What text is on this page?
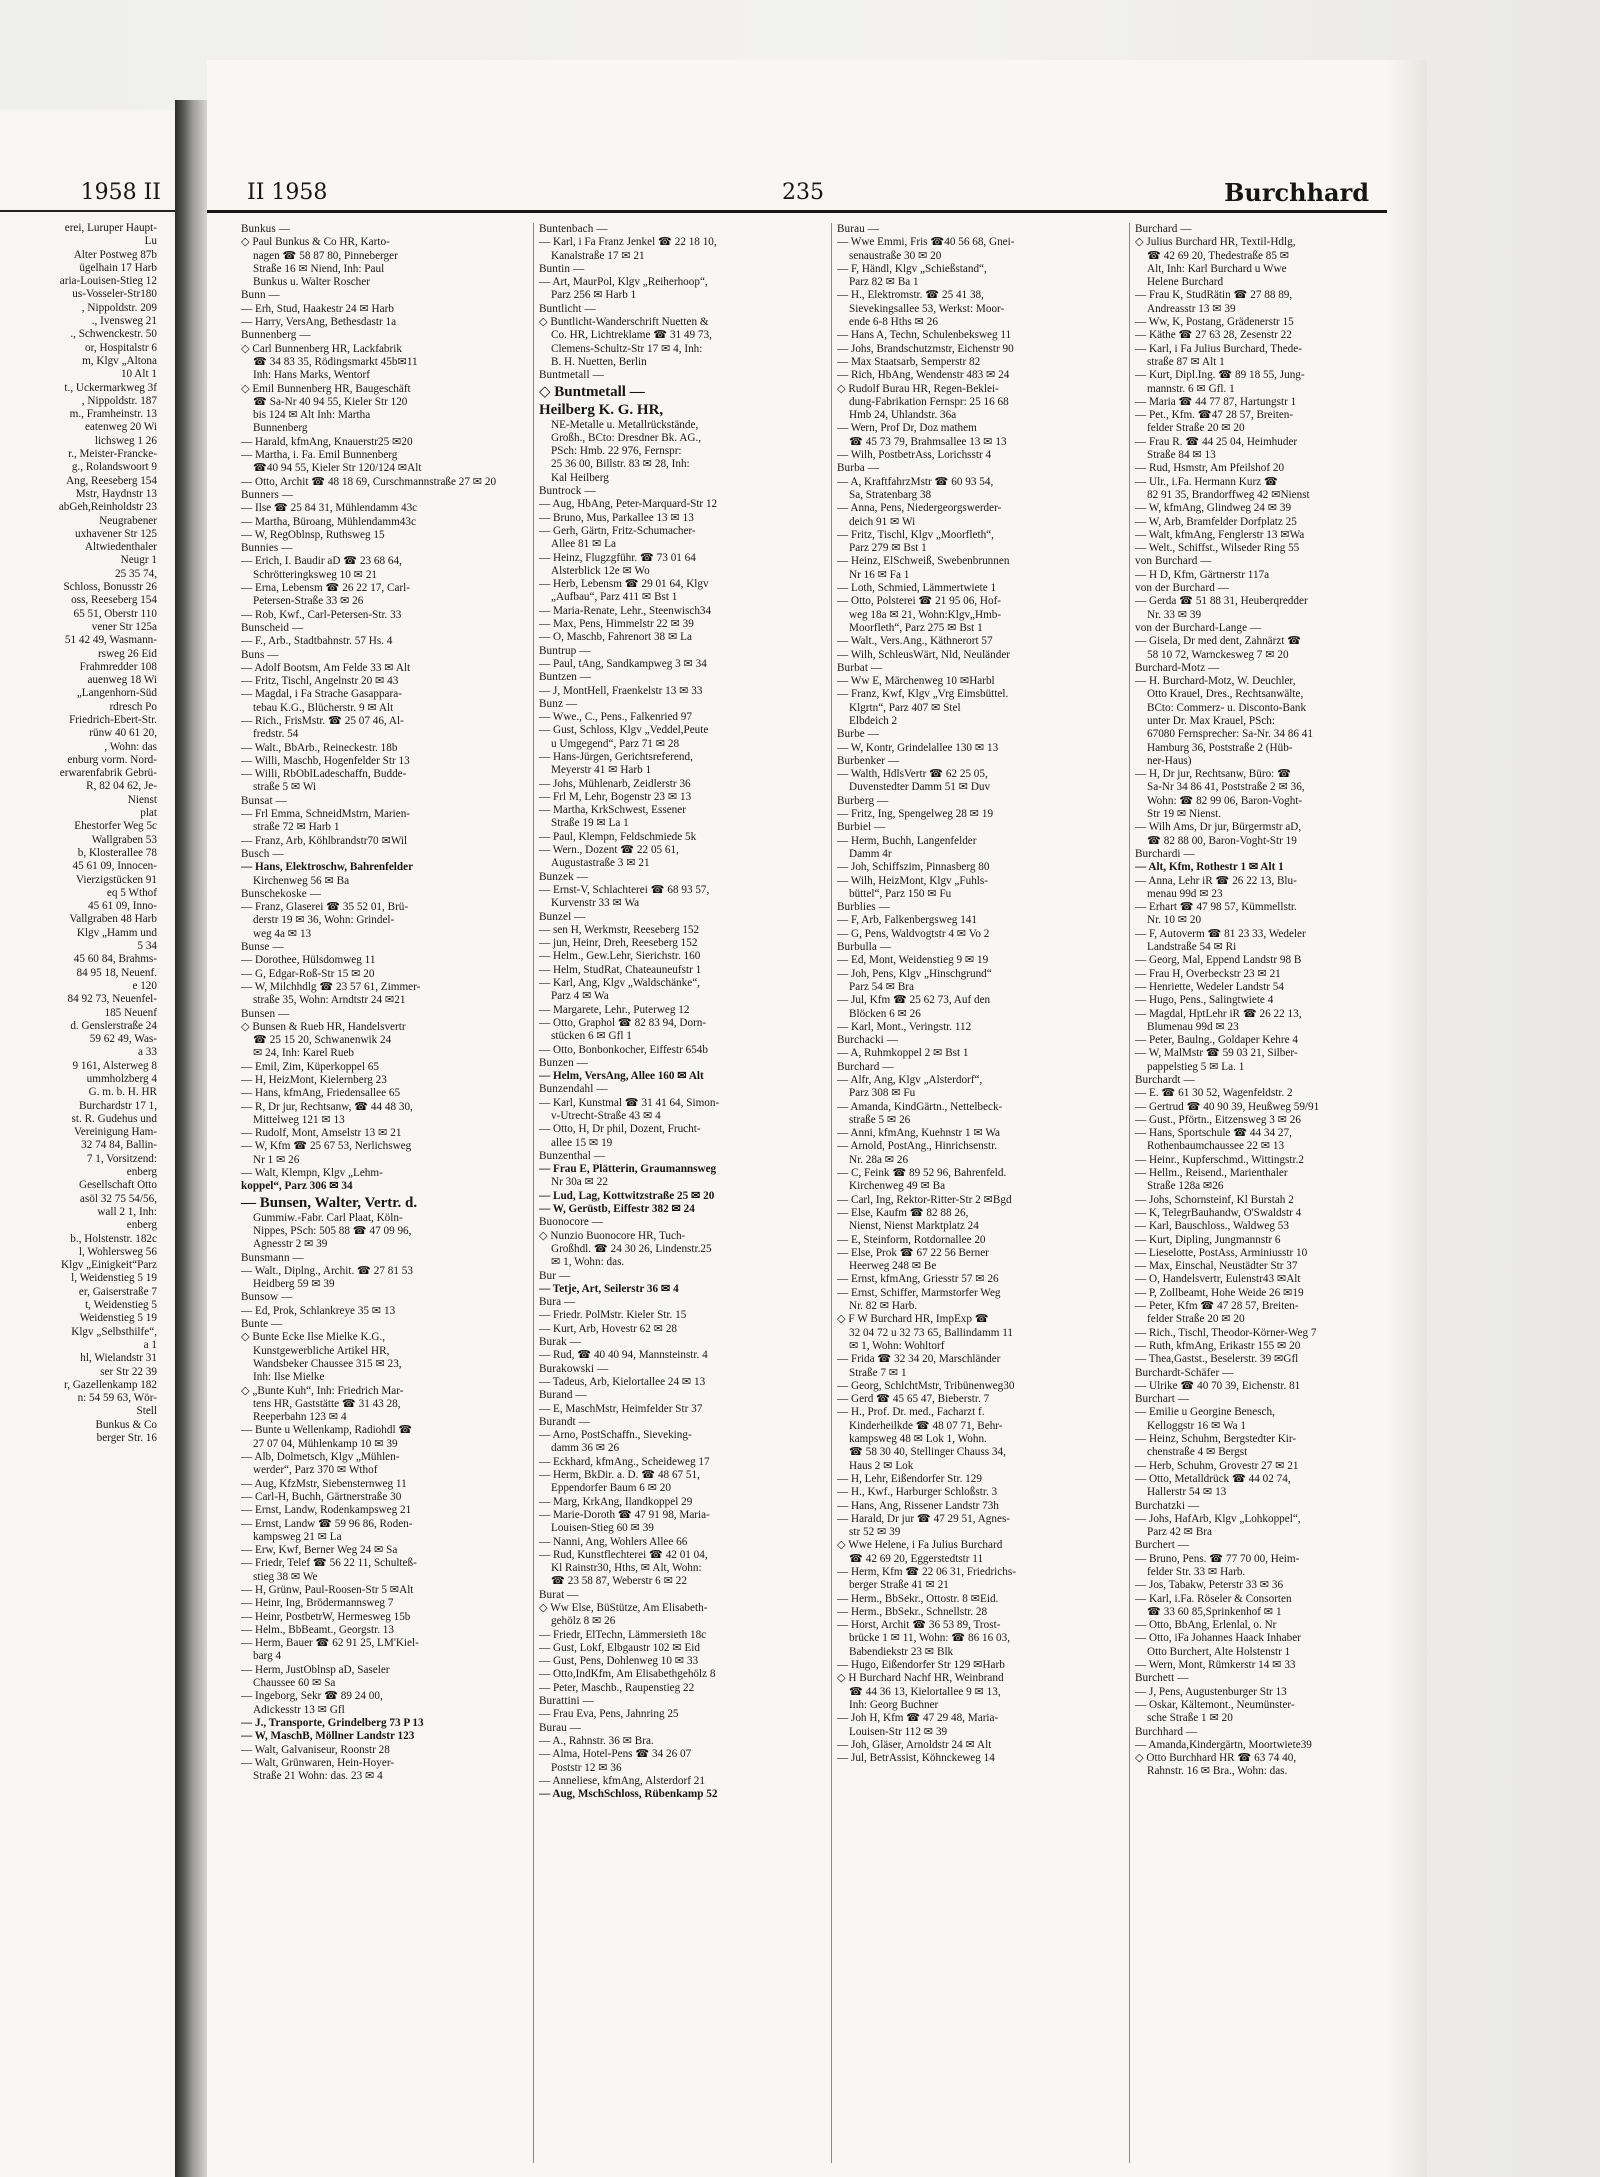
1958 II
erei, Luruper Haupt-
Lu
Alter Postweg 87b
ügelhain 17 Harb
aria-Louisen-Stieg 12
us-Vosseler-Str180
, Nippoldstr. 209
., Ivensweg 21
., Schwenckestr. 50
or, Hospitalstr 6
m, Klgv „Altona
10 Alt 1
t., Uckermarkweg 3f
, Nippoldstr. 187
m., Framheinstr. 13
eatenweg 20 Wi
lichsweg 1 26
r., Meister-Francke-
g., Rolandswoort 9
Ang, Reeseberg 154
Mstr, Haydnstr 13
abGeh,Reinholdstr 23
Neugrabener
uxhavener Str 125
Altwiedenthaler
Neugr 1
25 35 74,
Schloss, Bonusstr 26
oss, Reeseberg 154
65 51, Oberstr 110
vener Str 125a
51 42 49, Wasmann-
rsweg 26 Eid
Frahmredder 108
auenweg 18 Wi
„Langenhorn-Süd
rdresch Po
Friedrich-Ebert-Str.
rünw 40 61 20,
, Wohn: das
enburg vorm. Nord-
erwarenfabrik Gebrü-
R, 82 04 62, Je-
Nienst
plat
Ehestorfer Weg 5c
Wallgraben 53
b, Klosterallee 78
45 61 09, Innocen-
Vierzigstücken 91
eq 5 Wthof
45 61 09, Inno-
Vallgraben 48 Harb
Klgv „Hamm und
5 34
45 60 84, Brahms-
84 95 18, Neuenf.
e 120
84 92 73, Neuenfel-
185 Neuenf
d. Genslerstraße 24
59 62 49, Was-
a 33
9 161, Alsterweg 8
ummholzberg 4
G. m. b. H. HR
Burchardstr 17 1,
st. R. Gudehus und
Vereinigung Ham-
32 74 84, Ballin-
7 1, Vorsitzend:
enberg
Gesellschaft Otto
asöl 32 75 54/56,
wall 2 1, Inh:
enberg
b., Holstenstr. 182c
l, Wohlersweg 56
Klgv „Einigkeit“Parz
l, Weidenstieg 5 19
er, Gaiserstraße 7
t, Weidenstieg 5
Weidenstieg 5 19
Klgv „Selbsthilfe“,
a 1
hl, Wielandstr 31
ser Str 22 39
r, Gazellenkamp 182
n: 54 59 63, Wör-
Stell
Bunkus & Co
berger Str. 16
II 1958	235	Burchhard
Bunkus —
◇ Paul Bunkus & Co HR, Karto-
nagen ☎ 58 87 80, Pinneberger
Straße 16 ✉ Niend, Inh: Paul
Bunkus u. Walter Roscher
Bunn —
— Erh, Stud, Haakestr 24 ✉ Harb
— Harry, VersAng, Bethesdastr 1a
Bunnenberg —
◇ Carl Bunnenberg HR, Lackfabrik
☎ 34 83 35, Rödingsmarkt 45b✉11
Inh: Hans Marks, Wentorf
◇ Emil Bunnenberg HR, Baugeschäft
☎ Sa-Nr 40 94 55, Kieler Str 120
bis 124 ✉ Alt Inh: Martha
Bunnenberg
— Harald, kfmAng, Knauerstr25 ✉20
— Martha, i. Fa. Emil Bunnenberg
☎40 94 55, Kieler Str 120/124 ✉Alt
— Otto, Archit ☎ 48 18 69, Curschmannstraße 27 ✉ 20
Bunners —
— Ilse ☎ 25 84 31, Mühlendamm 43c
— Martha, Büroang, Mühlendamm43c
— W, RegOblnsp, Ruthsweg 15
Bunnies —
— Erich, I. Baudir aD ☎ 23 68 64,
Schrötteringksweg 10 ✉ 21
— Erna, Lebensm ☎ 26 22 17, Carl-
Petersen-Straße 33 ✉ 26
— Rob, Kwf., Carl-Petersen-Str. 33
Bunscheid —
— F., Arb., Stadtbahnstr. 57 Hs. 4
Buns —
— Adolf Bootsm, Am Felde 33 ✉ Alt
— Fritz, Tischl, Angelnstr 20 ✉ 43
— Magdal, i Fa Strache Gasappara-
tebau K.G., Blücherstr. 9 ✉ Alt
— Rich., FrisMstr. ☎ 25 07 46, Al-
fredstr. 54
— Walt., BbArb., Reineckestr. 18b
— Willi, Maschb, Hogenfelder Str 13
— Willi, RbOblLadeschaffn, Budde-
straße 5 ✉ Wi
Bunsat —
— Frl Emma, SchneidMstrn, Marien-
straße 72 ✉ Harb 1
— Franz, Arb, Köhlbrandstr70 ✉Wil
Busch —
— Hans, Elektroschw, Bahrenfelder
Kirchenweg 56 ✉ Ba
Bunschekoske —
— Franz, Glaserei ☎ 35 52 01, Brü-
derstr 19 ✉ 36, Wohn: Grindel-
weg 4a ✉ 13
Bunse —
— Dorothee, Hülsdomweg 11
— G, Edgar-Roß-Str 15 ✉ 20
— W, Milchhdlg ☎ 23 57 61, Zimmer-
straße 35, Wohn: Arndtstr 24 ✉21
Bunsen —
◇ Bunsen & Rueb HR, Handelsvertr
☎ 25 15 20, Schwanenwik 24
✉ 24, Inh: Karel Rueb
— Emil, Zim, Küperkoppel 65
— H, HeizMont, Kielernberg 23
— Hans, kfmAng, Friedensallee 65
— R, Dr jur, Rechtsanw, ☎ 44 48 30,
Mittelweg 121 ✉ 13
— Rudolf, Mont, Amselstr 13 ✉ 21
— W, Kfm ☎ 25 67 53, Nerlichsweg
Nr 1 ✉ 26
— Walt, Klempn, Klgv „Lehm-
koppel“, Parz 306 ✉ 34
— Bunsen, Walter, Vertr. d.
Gummiw.-Fabr. Carl Plaat, Köln-
Nippes, PSch: 505 88 ☎ 47 09 96,
Agnesstr 2 ✉ 39
Bunsmann —
— Walt., Diplng., Archit. ☎ 27 81 53
Heidberg 59 ✉ 39
Bunsow —
— Ed, Prok, Schlankreye 35 ✉ 13
Bunte —
◇ Bunte Ecke Ilse Mielke K.G.,
Kunstgewerbliche Artikel HR,
Wandsbeker Chaussee 315 ✉ 23,
Inh: Ilse Mielke
◇ „Bunte Kuh“, Inh: Friedrich Mar-
tens HR, Gaststätte ☎ 31 43 28,
Reeperbahn 123 ✉ 4
— Bunte u Wellenkamp, Radiohdl ☎
27 07 04, Mühlenkamp 10 ✉ 39
— Alb, Dolmetsch, Klgv „Mühlen-
werder“, Parz 370 ✉ Wthof
— Aug, KfzMstr, Siebensternweg 11
— Carl-H, Buchh, Gärtnerstraße 30
— Ernst, Landw, Rodenkampsweg 21
— Ernst, Landw ☎ 59 96 86, Roden-
kampsweg 21 ✉ La
— Erw, Kwf, Berner Weg 24 ✉ Sa
— Friedr, Telef ☎ 56 22 11, Schulteß-
stieg 38 ✉ We
— H, Grünw, Paul-Roosen-Str 5 ✉Alt
— Heinr, Ing, Brödermannsweg 7
— Heinr, PostbetrW, Hermesweg 15b
— Helm., BbBeamt., Georgstr. 13
— Herm, Bauer ☎ 62 91 25, LM'Kiel-
barg 4
— Herm, JustOblnsp aD, Saseler
Chaussee 60 ✉ Sa
— Ingeborg, Sekr ☎ 89 24 00,
Adickesstr 13 ✉ Gfl
— J., Transporte, Grindelberg 73 P 13
— W, MaschB, Möllner Landstr 123
— Walt, Galvaniseur, Roonstr 28
— Walt, Grünwaren, Hein-Hoyer-
Straße 21 Wohn: das. 23 ✉ 4
Buntenbach —
— Karl, i Fa Franz Jenkel ☎ 22 18 10,
Kanalstraße 17 ✉ 21
Buntin —
— Art, MaurPol, Klgv „Reiherhoop“,
Parz 256 ✉ Harb 1
Buntlicht —
◇ Buntlicht-Wanderschrift Nuetten &
Co. HR, Lichtreklame ☎ 31 49 73,
Clemens-Schultz-Str 17 ✉ 4, Inh:
B. H. Nuetten, Berlin
Buntmetall —
◇ Buntmetall —
Heilberg K. G. HR,
NE-Metalle u. Metallrückstände,
Großh., BCto: Dresdner Bk. AG.,
PSch: Hmb. 22 976, Fernspr:
25 36 00, Billstr. 83 ✉ 28, Inh:
Kal Heilberg
Buntrock —
— Aug, HbAng, Peter-Marquard-Str 12
— Bruno, Mus, Parkallee 13 ✉ 13
— Gerh, Gärtn, Fritz-Schumacher-
Allee 81 ✉ La
— Heinz, Flugzgführ. ☎ 73 01 64
Alsterblick 12e ✉ Wo
— Herb, Lebensm ☎ 29 01 64, Klgv
„Aufbau“, Parz 411 ✉ Bst 1
— Maria-Renate, Lehr., Steenwisch34
— Max, Pens, Himmelstr 22 ✉ 39
— O, Maschb, Fahrenort 38 ✉ La
Buntrup —
— Paul, tAng, Sandkampweg 3 ✉ 34
Buntzen —
— J, MontHell, Fraenkelstr 13 ✉ 33
Bunz —
— Wwe., C., Pens., Falkenried 97
— Gust, Schloss, Klgv „Veddel,Peute
u Umgegend“, Parz 71 ✉ 28
— Hans-Jürgen, Gerichtsreferend,
Meyerstr 41 ✉ Harb 1
— Johs, Mühlenarb, Zeidlerstr 36
— Frl M, Lehr, Bogenstr 23 ✉ 13
— Martha, KrkSchwest, Essener
Straße 19 ✉ La 1
— Paul, Klempn, Feldschmiede 5k
— Wern., Dozent ☎ 22 05 61,
Augustastraße 3 ✉ 21
Bunzek —
— Ernst-V, Schlachterei ☎ 68 93 57,
Kurvenstr 33 ✉ Wa
Bunzel —
— sen H, Werkmstr, Reeseberg 152
— jun, Heinr, Dreh, Reeseberg 152
— Helm., Gew.Lehr, Sierichstr. 160
— Helm, StudRat, Chateauneufstr 1
— Karl, Ang, Klgv „Waldschänke“,
Parz 4 ✉ Wa
— Margarete, Lehr., Puterweg 12
— Otto, Graphol ☎ 82 83 94, Dorn-
stücken 6 ✉ Gfl 1
— Otto, Bonbonkocher, Eiffestr 654b
Bunzen —
— Helm, VersAng, Allee 160 ✉ Alt
Bunzendahl —
— Karl, Kunstmal ☎ 31 41 64, Simon-
v-Utrecht-Straße 43 ✉ 4
— Otto, H, Dr phil, Dozent, Frucht-
allee 15 ✉ 19
Bunzenthal —
— Frau E, Plätterin, Graumannsweg
Nr 30a ✉ 22
— Lud, Lag, Kottwitzstraße 25 ✉ 20
— W, Gerüstb, Eiffestr 382 ✉ 24
Buonocore —
◇ Nunzio Buonocore HR, Tuch-
Großhdl. ☎ 24 30 26, Lindenstr.25
✉ 1, Wohn: das.
Bur —
— Tetje, Art, Seilerstr 36 ✉ 4
Bura —
— Friedr. PolMstr. Kieler Str. 15
— Kurt, Arb, Hovestr 62 ✉ 28
Burak —
— Rud, ☎ 40 40 94, Mannsteinstr. 4
Burakowski —
— Tadeus, Arb, Kielortallee 24 ✉ 13
Burand —
— E, MaschMstr, Heimfelder Str 37
Burandt —
— Arno, PostSchaffn., Sieveking-
damm 36 ✉ 26
— Eckhard, kfmAng., Scheideweg 17
— Herm, BkDir. a. D. ☎ 48 67 51,
Eppendorfer Baum 6 ✉ 20
— Marg, KrkAng, Ilandkoppel 29
— Marie-Doroth ☎ 47 91 98, Maria-
Louisen-Stieg 60 ✉ 39
— Nanni, Ang, Wohlers Allee 66
— Rud, Kunstflechterei ☎ 42 01 04,
Kl Rainstr30, Hths, ✉ Alt, Wohn:
☎ 23 58 87, Weberstr 6 ✉ 22
Burat —
◇ Ww Else, BüStütze, Am Elisabeth-
gehölz 8 ✉ 26
— Friedr, ElTechn, Lämmersieth 18c
— Gust, Lokf, Elbgaustr 102 ✉ Eid
— Gust, Pens, Dohlenweg 10 ✉ 33
— Otto,IndKfm, Am Elisabethgehölz 8
— Peter, Maschb., Raupenstieg 22
Burattini —
— Frau Eva, Pens, Jahnring 25
Burau —
— A., Rahnstr. 36 ✉ Bra.
— Alma, Hotel-Pens ☎ 34 26 07
Poststr 12 ✉ 36
— Anneliese, kfmAng, Alsterdorf 21
— Aug, MschSchloss, Rübenkamp 52
Burau —
— Wwe Emmi, Fris ☎40 56 68, Gnei-
senaustraße 30 ✉ 20
— F, Händl, Klgv „Schießstand“,
Parz 82 ✉ Ba 1
— H., Elektromstr. ☎ 25 41 38,
Sievekingsallee 53, Werkst: Moor-
ende 6-8 Hths ✉ 26
— Hans A, Techn, Schulenbeksweg 11
— Johs, Brandschutzmstr, Eichenstr 90
— Max Staatsarb, Semperstr 82
— Rich, HbAng, Wendenstr 483 ✉ 24
◇ Rudolf Burau HR, Regen-Beklei-
dung-Fabrikation Fernspr: 25 16 68
Hmb 24, Uhlandstr. 36a
— Wern, Prof Dr, Doz mathem
☎ 45 73 79, Brahmsallee 13 ✉ 13
— Wilh, PostbetrAss, Lorichsstr 4
Burba —
— A, KraftfahrzMstr ☎ 60 93 54,
Sa, Stratenbarg 38
— Anna, Pens, Niedergeorgswerder-
deich 91 ✉ Wi
— Fritz, Tischl, Klgv „Moorfleth“,
Parz 279 ✉ Bst 1
— Heinz, ElSchweiß, Swebenbrunnen
Nr 16 ✉ Fa 1
— Loth, Schmied, Lämmertwiete 1
— Otto, Polsterei ☎ 21 95 06, Hof-
weg 18a ✉ 21, Wohn:Klgv„Hmb-
Moorfleth“, Parz 275 ✉ Bst 1
— Walt., Vers.Ang., Käthnerort 57
— Wilh, SchleusWärt, Nld, Neuländer
Burbat —
— Ww E, Märchenweg 10 ✉Harbl
— Franz, Kwf, Klgv „Vrg Eimsbüttel.
Klgrtn“, Parz 407 ✉ Stel
Elbdeich 2
Burbe —
— W, Kontr, Grindelallee 130 ✉ 13
Burbenker —
— Walth, HdlsVertr ☎ 62 25 05,
Duvenstedter Damm 51 ✉ Duv
Burberg —
— Fritz, Ing, Spengelweg 28 ✉ 19
Burbiel —
— Herm, Buchh, Langenfelder
Damm 4r
— Joh, Schiffszim, Pinnasberg 80
— Wilh, HeizMont, Klgv „Fuhls-
büttel“, Parz 150 ✉ Fu
Burblies —
— F, Arb, Falkenbergsweg 141
— G, Pens, Waldvogtstr 4 ✉ Vo 2
Burbulla —
— Ed, Mont, Weidenstieg 9 ✉ 19
— Joh, Pens, Klgv „Hinschgrund“
Parz 54 ✉ Bra
— Jul, Kfm ☎ 25 62 73, Auf den
Blöcken 6 ✉ 26
— Karl, Mont., Veringstr. 112
Burchacki —
— A, Ruhmkoppel 2 ✉ Bst 1
Burchard —
— Alfr, Ang, Klgv „Alsterdorf“,
Parz 308 ✉ Fu
— Amanda, KindGärtn., Nettelbeck-
straße 5 ✉ 26
— Anni, kfmAng, Kuehnstr 1 ✉ Wa
— Arnold, PostAng., Hinrichsenstr.
Nr. 28a ✉ 26
— C, Feink ☎ 89 52 96, Bahrenfeld.
Kirchenweg 49 ✉ Ba
— Carl, Ing, Rektor-Ritter-Str 2 ✉Bgd
— Else, Kaufm ☎ 82 88 26,
Nienst, Nienst Marktplatz 24
— E, Steinform, Rotdornallee 20
— Else, Prok ☎ 67 22 56 Berner
Heerweg 248 ✉ Be
— Ernst, kfmAng, Griesstr 57 ✉ 26
— Ernst, Schiffer, Marmstorfer Weg
Nr. 82 ✉ Harb.
◇ F W Burchard HR, ImpExp ☎
32 04 72 u 32 73 65, Ballindamm 11
✉ 1, Wohn: Wohltorf
— Frida ☎ 32 34 20, Marschländer
Straße 7 ✉ 1
— Georg, SchlchtMstr, Tribünenweg30
— Gerd ☎ 45 65 47, Bieberstr. 7
— H., Prof. Dr. med., Facharzt f.
Kinderheilkde ☎ 48 07 71, Behr-
kampsweg 48 ✉ Lok 1, Wohn.
☎ 58 30 40, Stellinger Chauss 34,
Haus 2 ✉ Lok
— H, Lehr, Eißendorfer Str. 129
— H., Kwf., Harburger Schloßstr. 3
— Hans, Ang, Rissener Landstr 73h
— Harald, Dr jur ☎ 47 29 51, Agnes-
str 52 ✉ 39
◇ Wwe Helene, i Fa Julius Burchard
☎ 42 69 20, Eggerstedtstr 11
— Herm, Kfm ☎ 22 06 31, Friedrichs-
berger Straße 41 ✉ 21
— Herm., BbSekr., Ottostr. 8 ✉Eid.
— Herm., BbSekr., Schnellstr. 28
— Horst, Archit ☎ 36 53 89, Trost-
brücke 1 ✉ 11, Wohn: ☎ 86 16 03,
Babendiekstr 23 ✉ Blk
— Hugo, Eißendorfer Str 129 ✉Harb
◇ H Burchard Nachf HR, Weinbrand
☎ 44 36 13, Kielortallee 9 ✉ 13,
Inh: Georg Buchner
— Joh H, Kfm ☎ 47 29 48, Maria-
Louisen-Str 112 ✉ 39
— Joh, Gläser, Arnoldstr 24 ✉ Alt
— Jul, BetrAssist, Köhnckeweg 14
Burchard —
◇ Julius Burchard HR, Textil-Hdlg,
☎ 42 69 20, Thedestraße 85 ✉
Alt, Inh: Karl Burchard u Wwe
Helene Burchard
— Frau K, StudRätin ☎ 27 88 89,
Andreasstr 13 ✉ 39
— Ww, K, Postang, Grädenerstr 15
— Käthe ☎ 27 63 28, Zesenstr 22
— Karl, i Fa Julius Burchard, Thede-
straße 87 ✉ Alt 1
— Kurt, Dipl.Ing. ☎ 89 18 55, Jung-
mannstr. 6 ✉ Gfl. 1
— Maria ☎ 44 77 87, Hartungstr 1
— Pet., Kfm. ☎47 28 57, Breiten-
felder Straße 20 ✉ 20
— Frau R. ☎ 44 25 04, Heimhuder
Straße 84 ✉ 13
— Rud, Hsmstr, Am Pfeilshof 20
— Ulr., i.Fa. Hermann Kurz ☎
82 91 35, Brandorffweg 42 ✉Nienst
— W, kfmAng, Glindweg 24 ✉ 39
— W, Arb, Bramfelder Dorfplatz 25
— Walt, kfmAng, Fenglerstr 13 ✉Wa
— Welt., Schiffst., Wilseder Ring 55
von Burchard —
— H D, Kfm, Gärtnerstr 117a
von der Burchard —
— Gerda ☎ 51 88 31, Heuberqredder
Nr. 33 ✉ 39
von der Burchard-Lange —
— Gisela, Dr med dent, Zahnärzt ☎
58 10 72, Warnckesweg 7 ✉ 20
Burchard-Motz —
— H. Burchard-Motz, W. Deuchler,
Otto Krauel, Dres., Rechtsanwälte,
BCto: Commerz- u. Disconto-Bank
unter Dr. Max Krauel, PSch:
67080 Fernsprecher: Sa-Nr. 34 86 41
Hamburg 36, Poststraße 2 (Hüb-
ner-Haus)
— H, Dr jur, Rechtsanw, Büro: ☎
Sa-Nr 34 86 41, Poststraße 2 ✉ 36,
Wohn: ☎ 82 99 06, Baron-Voght-
Str 19 ✉ Nienst.
— Wilh Ams, Dr jur, Bürgermstr aD,
☎ 82 88 00, Baron-Voght-Str 19
Burchardi —
— Alt, Kfm, Rothestr 1 ✉ Alt 1
— Anna, Lehr iR ☎ 26 22 13, Blu-
menau 99d ✉ 23
— Erhart ☎ 47 98 57, Kümmellstr.
Nr. 10 ✉ 20
— F, Autoverm ☎ 81 23 33, Wedeler
Landstraße 54 ✉ Ri
— Georg, Mal, Eppend Landstr 98 B
— Frau H, Overbeckstr 23 ✉ 21
— Henriette, Wedeler Landstr 54
— Hugo, Pens., Salingtwiete 4
— Magdal, HptLehr iR ☎ 26 22 13,
Blumenau 99d ✉ 23
— Peter, Baulng., Goldaper Kehre 4
— W, MalMstr ☎ 59 03 21, Silber-
pappelstieg 5 ✉ La. 1
Burchardt —
— E. ☎ 61 30 52, Wagenfeldstr. 2
— Gertrud ☎ 40 90 39, Heußweg 59/91
— Gust., Pförtn., Eitzensweg 3 ✉ 26
— Hans, Sportschule ☎ 44 34 27,
Rothenbaumchaussee 22 ✉ 13
— Heinr., Kupferschmd., Wittingstr.2
— Hellm., Reisend., Marienthaler
Straße 128a ✉26
— Johs, Schornsteinf, Kl Burstah 2
— K, TelegrBauhandw, O'Swaldstr 4
— Karl, Bauschloss., Waldweg 53
— Kurt, Dipling, Jungmannstr 6
— Lieselotte, PostAss, Arminiusstr 10
— Max, Einschal, Neustädter Str 37
— O, Handelsvertr, Eulenstr43 ✉Alt
— P, Zollbeamt, Hohe Weide 26 ✉19
— Peter, Kfm ☎ 47 28 57, Breiten-
felder Straße 20 ✉ 20
— Rich., Tischl, Theodor-Körner-Weg 7
— Ruth, kfmAng, Erikastr 155 ✉ 20
— Thea,Gastst., Beselerstr. 39 ✉Gfl
Burchardt-Schäfer —
— Ulrike ☎ 40 70 39, Eichenstr. 81
Burchart —
— Emilie u Georgine Benesch,
Kelloggstr 16 ✉ Wa 1
— Heinz, Schuhm, Bergstedter Kir-
chenstraße 4 ✉ Bergst
— Herb, Schuhm, Grovestr 27 ✉ 21
— Otto, Metalldrück ☎ 44 02 74,
Hallerstr 54 ✉ 13
Burchatzki —
— Johs, HafArb, Klgv „Lohkoppel“,
Parz 42 ✉ Bra
Burchert —
— Bruno, Pens. ☎ 77 70 00, Heim-
felder Str. 33 ✉ Harb.
— Jos, Tabakw, Peterstr 33 ✉ 36
— Karl, i.Fa. Röseler & Consorten
☎ 33 60 85,Sprinkenhof ✉ 1
— Otto, BbAng, Erlenlal, o. Nr
— Otto, iFa Johannes Haack Inhaber
Otto Burchert, Alte Holstenstr 1
— Wern, Mont, Rümkerstr 14 ✉ 33
Burchett —
— J, Pens, Augustenburger Str 13
— Oskar, Kältemont., Neumünster-
sche Straße 1 ✉ 20
Burchhard —
— Amanda,Kindergärtn, Moortwiete39
◇ Otto Burchhard HR ☎ 63 74 40,
Rahnstr. 16 ✉ Bra., Wohn: das.
